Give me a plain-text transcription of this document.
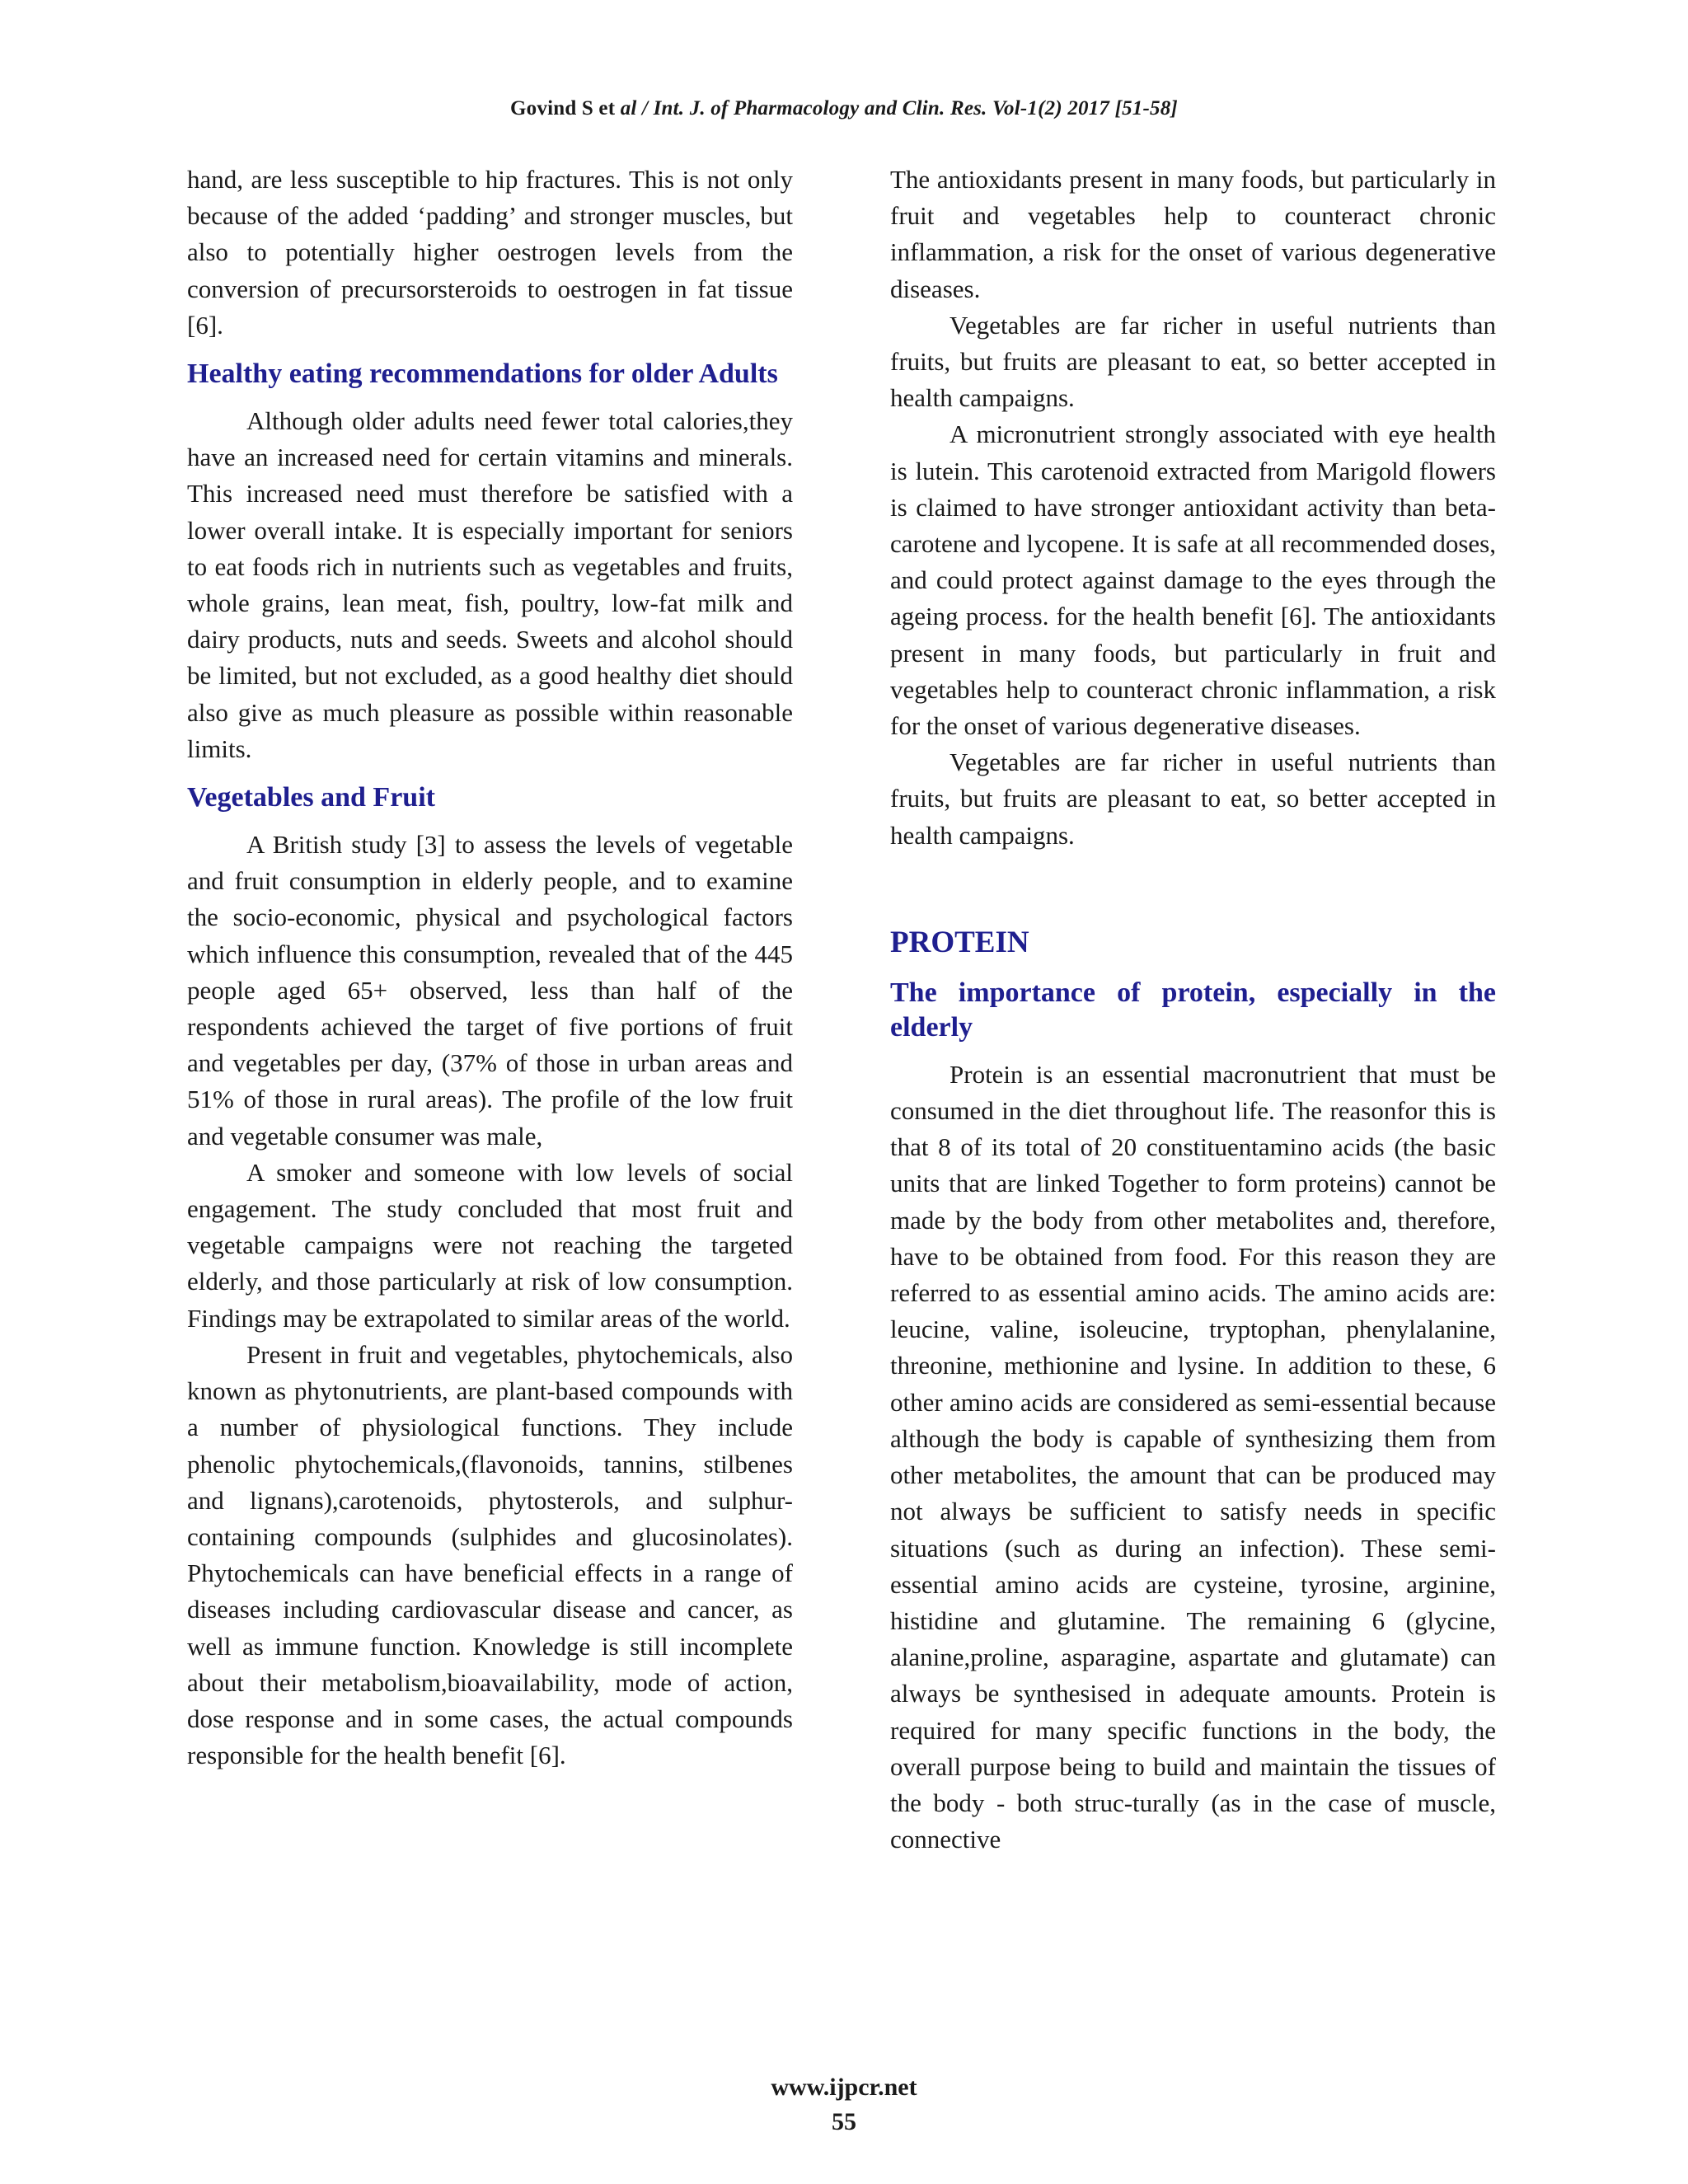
Govind S et al / Int. J. of Pharmacology and Clin. Res. Vol-1(2) 2017 [51-58]

hand, are less susceptible to hip fractures. This is not only because of the added ‘padding’ and stronger muscles, but also to potentially higher oestrogen levels from the conversion of precursorsteroids to oestrogen in fat tissue [6].

Healthy eating recommendations for older Adults

Although older adults need fewer total calories,they have an increased need for certain vitamins and minerals. This increased need must therefore be satisfied with a lower overall intake. It is especially important for seniors to eat foods rich in nutrients such as vegetables and fruits, whole grains, lean meat, fish, poultry, low-fat milk and dairy products, nuts and seeds. Sweets and alcohol should be limited, but not excluded, as a good healthy diet should also give as much pleasure as possible within reasonable limits.

Vegetables and Fruit

A British study [3] to assess the levels of vegetable and fruit consumption in elderly people, and to examine the socio-economic, physical and psychological factors which influence this consumption, revealed that of the 445 people aged 65+ observed, less than half of the respondents achieved the target of five portions of fruit and vegetables per day, (37% of those in urban areas and 51% of those in rural areas). The profile of the low fruit and vegetable consumer was male,

A smoker and someone with low levels of social engagement. The study concluded that most fruit and vegetable campaigns were not reaching the targeted elderly, and those particularly at risk of low consumption. Findings may be extrapolated to similar areas of the world.

Present in fruit and vegetables, phytochemicals, also known as phytonutrients, are plant-based compounds with a number of physiological functions. They include phenolic phytochemicals,(flavonoids, tannins, stilbenes and lignans),carotenoids, phytosterols, and sulphur-containing compounds (sulphides and glucosinolates). Phytochemicals can have beneficial effects in a range of diseases including cardiovascular disease and cancer, as well as immune function. Knowledge is still incomplete about their metabolism,bioavailability, mode of action, dose response and in some cases, the actual compounds responsible for the health benefit [6].

The antioxidants present in many foods, but particularly in fruit and vegetables help to counteract chronic inflammation, a risk for the onset of various degenerative diseases.

Vegetables are far richer in useful nutrients than fruits, but fruits are pleasant to eat, so better accepted in health campaigns.

A micronutrient strongly associated with eye health is lutein. This carotenoid extracted from Marigold flowers is claimed to have stronger antioxidant activity than beta-carotene and lycopene. It is safe at all recommended doses, and could protect against damage to the eyes through the ageing process. for the health benefit [6]. The antioxidants present in many foods, but particularly in fruit and vegetables help to counteract chronic inflammation, a risk for the onset of various degenerative diseases.

Vegetables are far richer in useful nutrients than fruits, but fruits are pleasant to eat, so better accepted in health campaigns.

PROTEIN
The importance of protein, especially in the elderly

Protein is an essential macronutrient that must be consumed in the diet throughout life. The reasonfor this is that 8 of its total of 20 constituentamino acids (the basic units that are linked Together to form proteins) cannot be made by the body from other metabolites and, therefore, have to be obtained from food. For this reason they are referred to as essential amino acids. The amino acids are: leucine, valine, isoleucine, tryptophan, phenylalanine, threonine, methionine and lysine. In addition to these, 6 other amino acids are considered as semi-essential because although the body is capable of synthesizing them from other metabolites, the amount that can be produced may not always be sufficient to satisfy needs in specific situations (such as during an infection). These semi-essential amino acids are cysteine, tyrosine, arginine, histidine and glutamine. The remaining 6 (glycine, alanine,proline, asparagine, aspartate and glutamate) can always be synthesised in adequate amounts. Protein is required for many specific functions in the body, the overall purpose being to build and maintain the tissues of the body - both struc-turally (as in the case of muscle, connective

www.ijpcr.net
55
